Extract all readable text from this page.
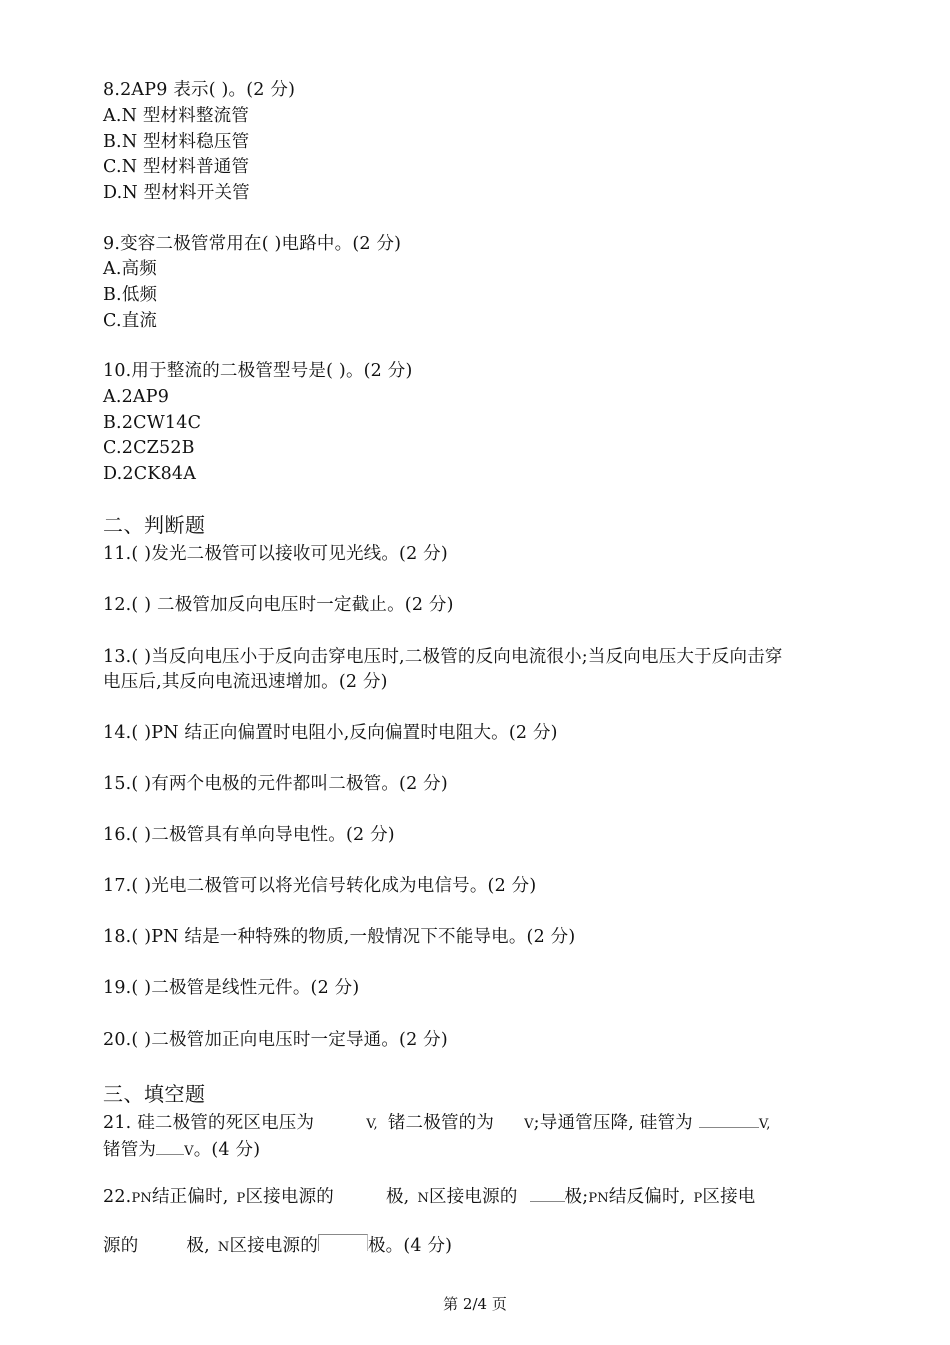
8.2AP9 表示( )。(2 分)
A.N 型材料整流管
B.N 型材料稳压管
C.N 型材料普通管
D.N 型材料开关管
9.变容二极管常用在( )电路中。(2 分)
A.高频
B.低频
C.直流
10.用于整流的二极管型号是( )。(2 分)
A.2AP9
B.2CW14C
C.2CZ52B
D.2CK84A
二、判断题
11.( )发光二极管可以接收可见光线。(2 分)
12.( ) 二极管加反向电压时一定截止。(2 分)
13.( )当反向电压小于反向击穿电压时,二极管的反向电流很小;当反向电压大于反向击穿
电压后,其反向电流迅速增加。(2 分)
14.( )PN 结正向偏置时电阻小,反向偏置时电阻大。(2 分)
15.( )有两个电极的元件都叫二极管。(2 分)
16.( )二极管具有单向导电性。(2 分)
17.( )光电二极管可以将光信号转化成为电信号。(2 分)
18.( )PN 结是一种特殊的物质,一般情况下不能导电。(2 分)
19.( )二极管是线性元件。(2 分)
20.( )二极管加正向电压时一定导通。(2 分)
三、填空题
21. 硅二极管的死区电压为	V, 锗二极管的为 V;导通管压降, 硅管为	V,
锗管为 V。(4 分)
22.PN结正偏时, P区接电源的	极, N区接电源的	极;PN结反偏时, P区接电
源的	极, N区接电源的	极。(4 分)
第 2/4 页
